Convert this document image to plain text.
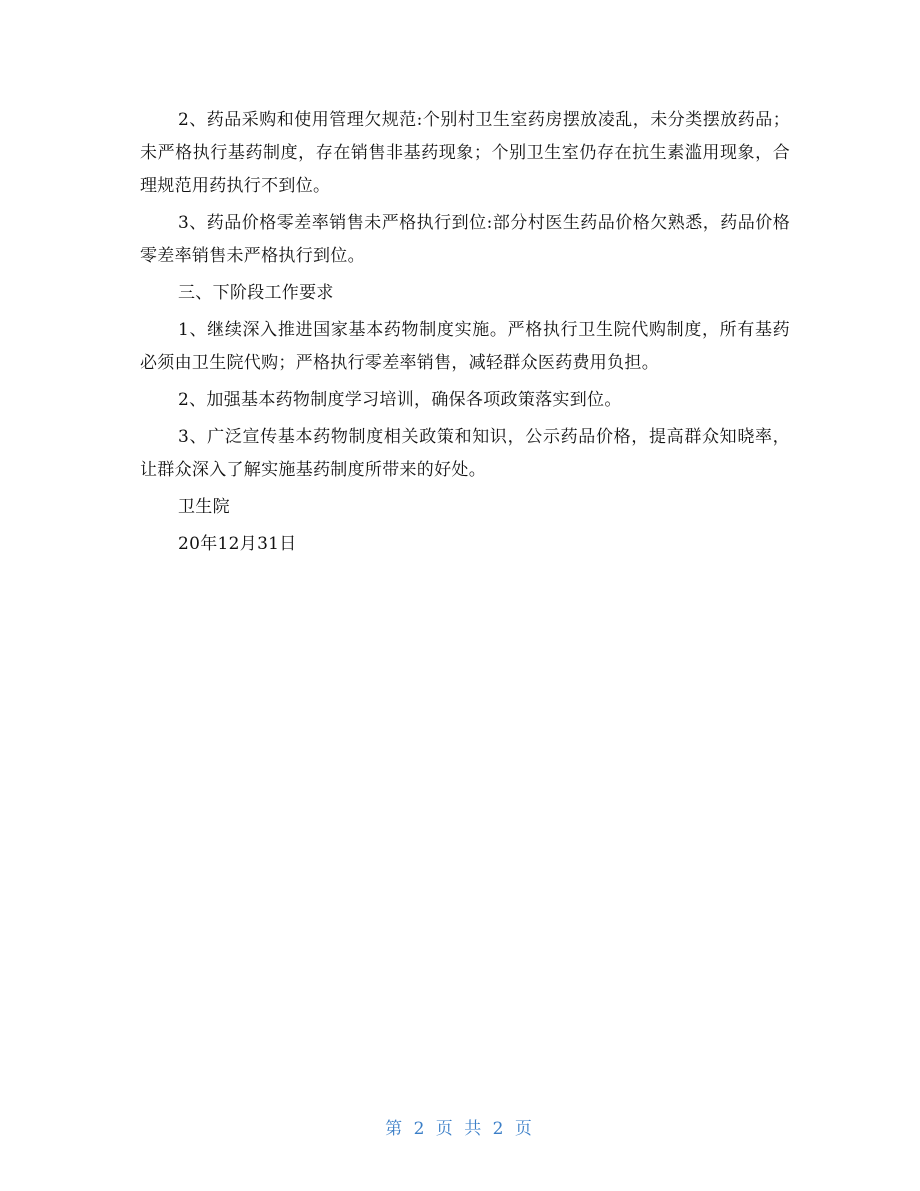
2、药品采购和使用管理欠规范:个别村卫生室药房摆放凌乱，未分类摆放药品；未严格执行基药制度，存在销售非基药现象；个别卫生室仍存在抗生素滥用现象，合理规范用药执行不到位。

3、药品价格零差率销售未严格执行到位:部分村医生药品价格欠熟悉，药品价格零差率销售未严格执行到位。

三、下阶段工作要求

1、继续深入推进国家基本药物制度实施。严格执行卫生院代购制度，所有基药必须由卫生院代购；严格执行零差率销售，减轻群众医药费用负担。

2、加强基本药物制度学习培训，确保各项政策落实到位。

3、广泛宣传基本药物制度相关政策和知识，公示药品价格，提高群众知晓率，让群众深入了解实施基药制度所带来的好处。

卫生院

20年12月31日

第 2 页 共 2 页
